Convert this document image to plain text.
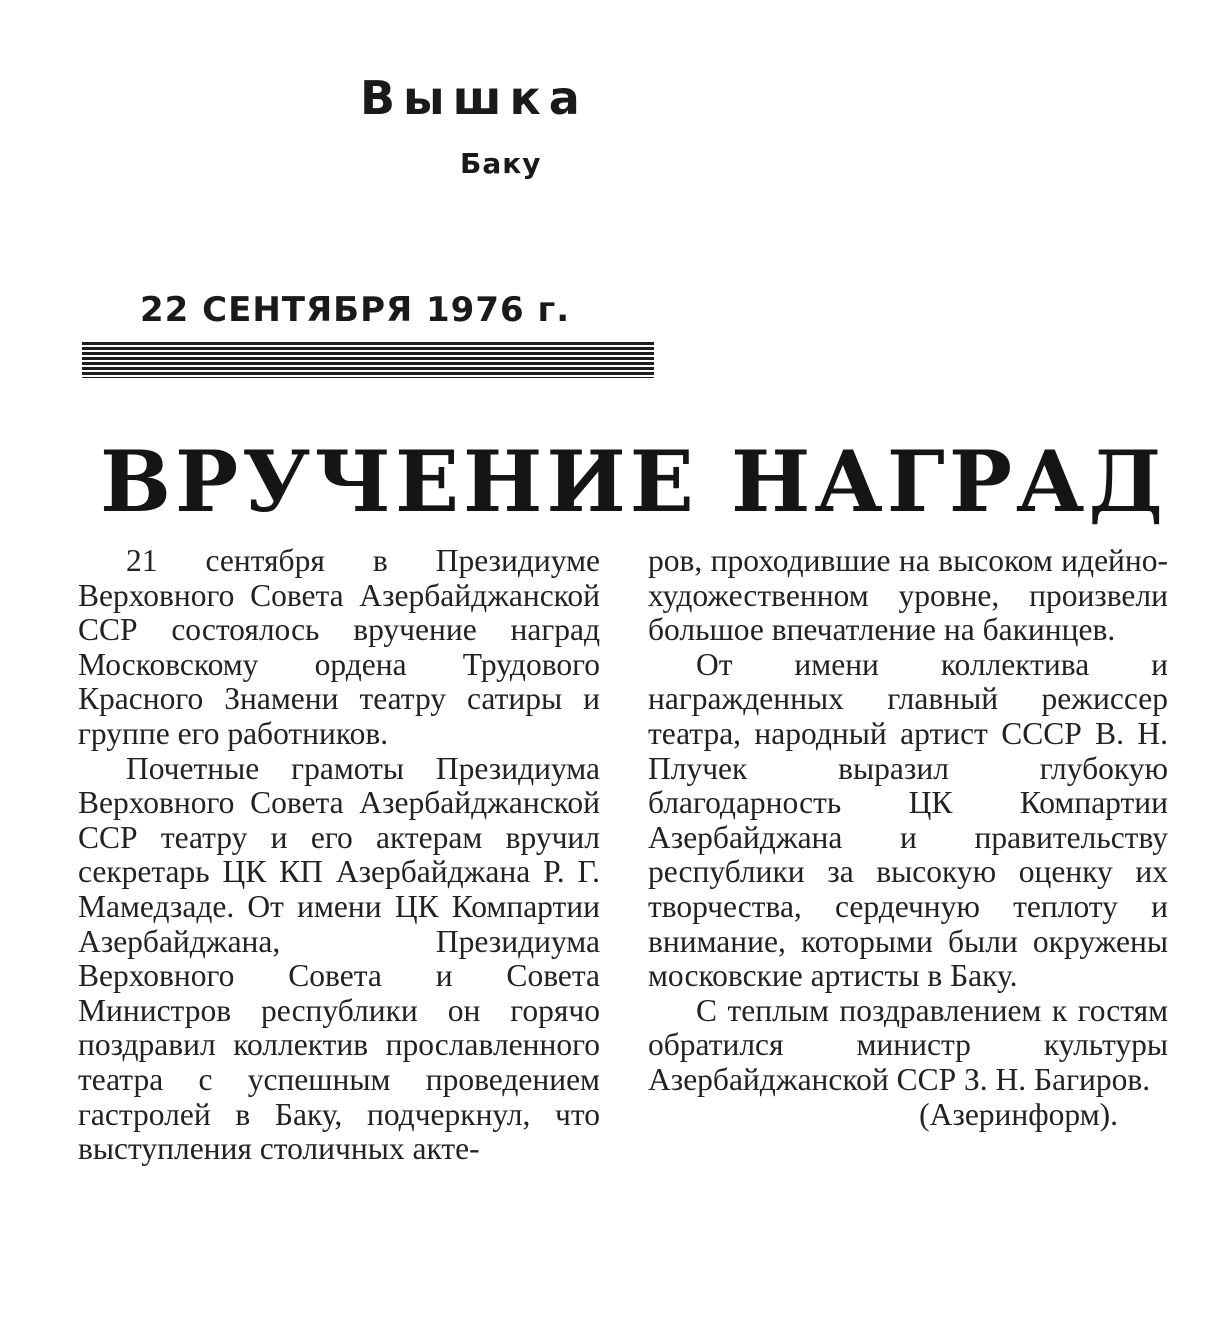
Вышка
Баку
22 СЕНТЯБРЯ 1976 г.
ВРУЧЕНИЕ НАГРАД

21 сентября в Президиуме Верховного Совета Азербайджанской ССР состоялось вручение наград Московскому ордена Трудового Красного Знамени театру сатиры и группе его работников.

Почетные грамоты Президиума Верховного Совета Азербайджанской ССР театру и его актерам вручил секретарь ЦК КП Азербайджана Р. Г. Мамедзаде. От имени ЦК Компартии Азербайджана, Президиума Верховного Совета и Совета Министров республики он горячо поздравил коллектив прославленного театра с успешным проведением гастролей в Баку, подчеркнул, что выступления столичных акте-

ров, проходившие на высоком идейно-художественном уровне, произвели большое впечатление на бакинцев.

От имени коллектива и награжденных главный режиссер театра, народный артист СССР В. Н. Плучек выразил глубокую благодарность ЦК Компартии Азербайджана и правительству республики за высокую оценку их творчества, сердечную теплоту и внимание, которыми были окружены московские артисты в Баку.

С теплым поздравлением к гостям обратился министр культуры Азербайджанской ССР З. Н. Багиров.

(Азеринформ).
